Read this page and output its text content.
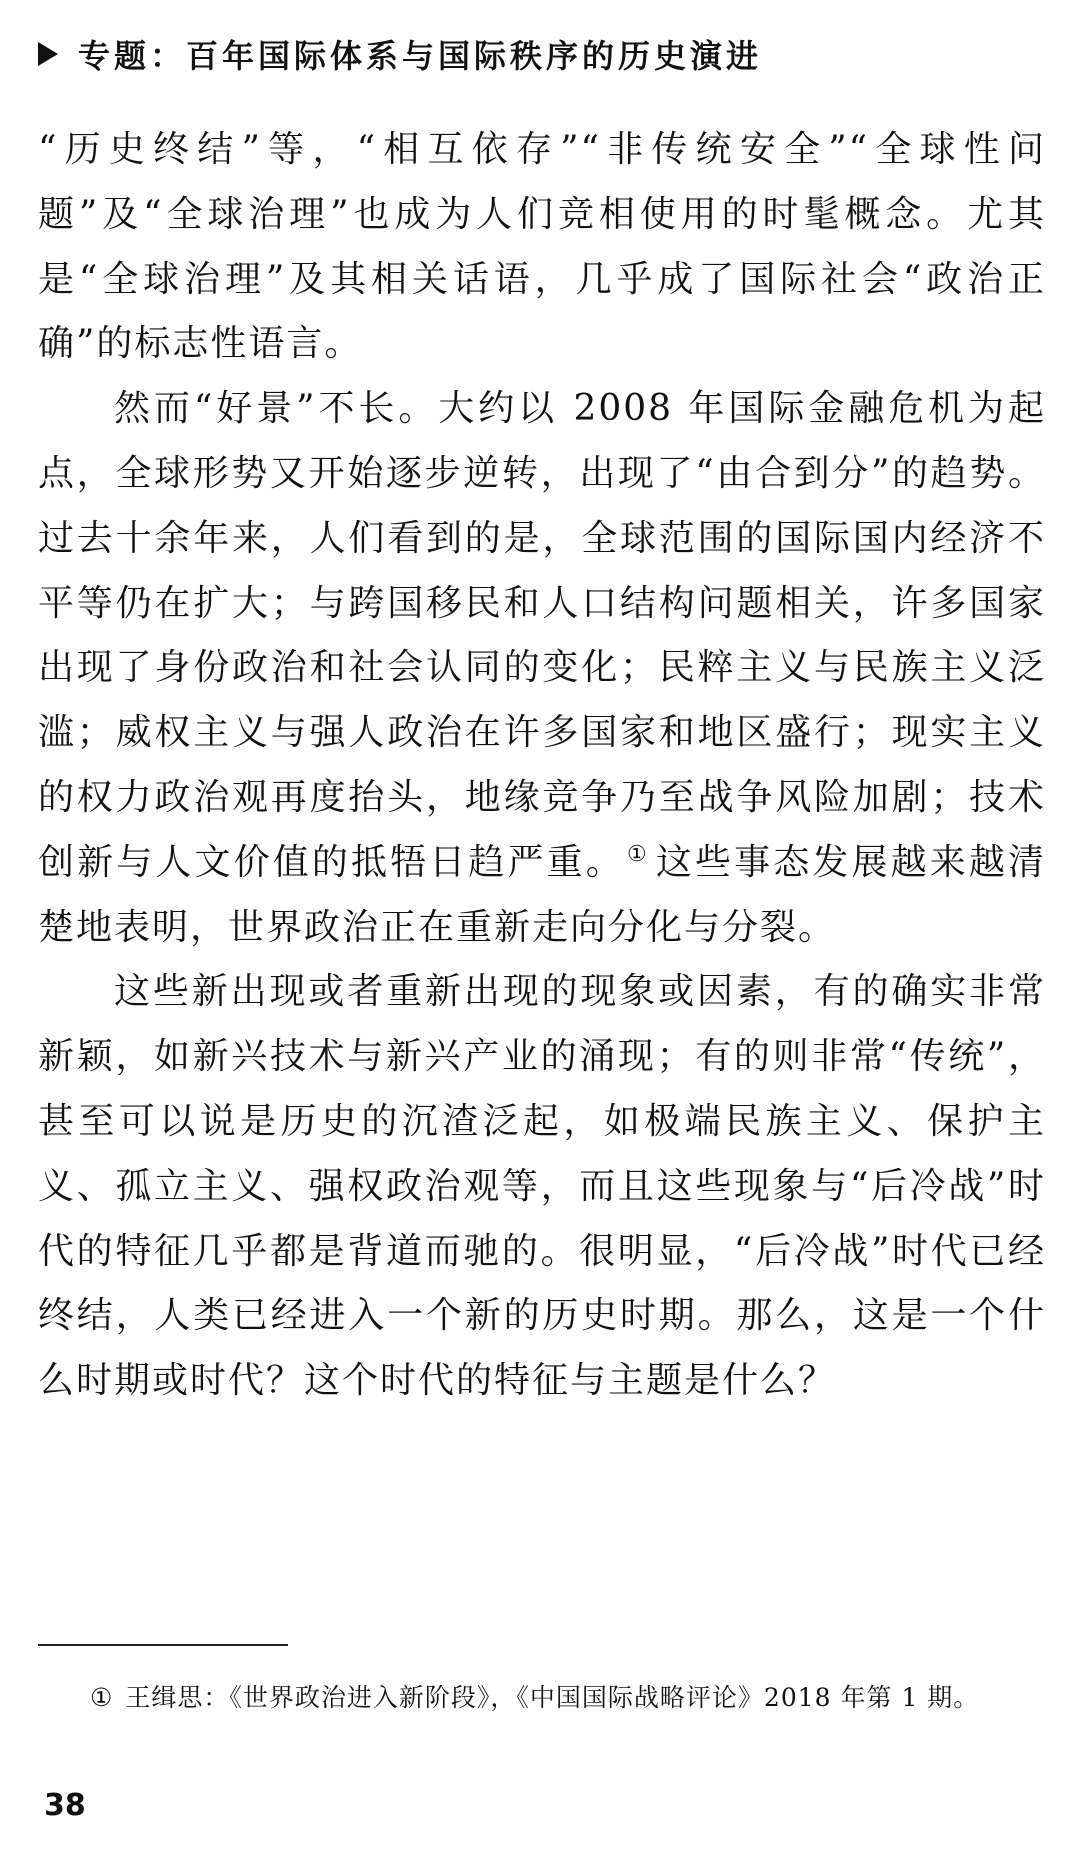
专题：百年国际体系与国际秩序的历史演进

“历史终结”等，“相互依存”“非传统安全”“全球性问题”及“全球治理”也成为人们竞相使用的时髦概念。尤其是“全球治理”及其相关话语，几乎成了国际社会“政治正确”的标志性语言。

然而“好景”不长。大约以 2008 年国际金融危机为起点，全球形势又开始逐步逆转，出现了“由合到分”的趋势。过去十余年来，人们看到的是，全球范围的国际国内经济不平等仍在扩大；与跨国移民和人口结构问题相关，许多国家出现了身份政治和社会认同的变化；民粹主义与民族主义泛滥；威权主义与强人政治在许多国家和地区盛行；现实主义的权力政治观再度抬头，地缘竞争乃至战争风险加剧；技术创新与人文价值的抵牾日趋严重。① 这些事态发展越来越清楚地表明，世界政治正在重新走向分化与分裂。

这些新出现或者重新出现的现象或因素，有的确实非常新颖，如新兴技术与新兴产业的涌现；有的则非常“传统”，甚至可以说是历史的沉渣泛起，如极端民族主义、保护主义、孤立主义、强权政治观等，而且这些现象与“后冷战”时代的特征几乎都是背道而驰的。很明显，“后冷战”时代已经终结，人类已经进入一个新的历史时期。那么，这是一个什么时期或时代？这个时代的特征与主题是什么？

① 王缉思：《世界政治进入新阶段》，《中国国际战略评论》2018 年第 1 期。
38
